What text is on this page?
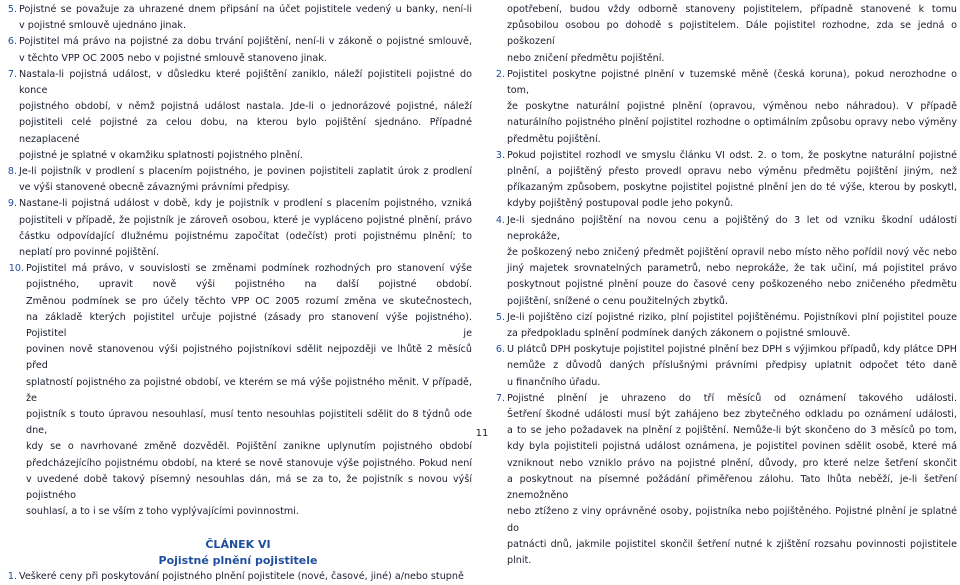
5. Pojistné se považuje za uhrazené dnem připsání na účet pojistitele vedený u banky, není-li
v pojistné smlouvě ujednáno jinak.
6. Pojistitel má právo na pojistné za dobu trvání pojištění, není-li v zákoně o pojistné smlouvě,
v těchto VPP OC 2005 nebo v pojistné smlouvě stanoveno jinak.
7. Nastala-li pojistná událost, v důsledku které pojištění zaniklo, náleží pojistiteli pojistné do konce
pojistného období, v němž pojistná událost nastala. Jde-li o jednorázové pojistné, náleží
pojistiteli celé pojistné za celou dobu, na kterou bylo pojištění sjednáno. Případné nezaplacené
pojistné je splatné v okamžiku splatnosti pojistného plnění.
8. Je-li pojistník v prodlení s placením pojistného, je povinen pojistiteli zaplatit úrok z prodlení
ve výši stanovené obecně závaznými právními předpisy.
9. Nastane-li pojistná událost v době, kdy je pojistník v prodlení s placením pojistného, vzniká
pojistiteli v případě, že pojistník je zároveň osobou, které je vypláceno pojistné plnění, právo
částku odpovídající dlužnému pojistnému započítat (odečíst) proti pojistnému plnění; to
neplatí pro povinné pojištění.
10. Pojistitel má právo, v souvislosti se změnami podmínek rozhodných pro stanovení výše
pojistného, upravit nově výši pojistného na další pojistné období.
Změnou podmínek se pro účely těchto VPP OC 2005 rozumí změna ve skutečnostech,
na základě kterých pojistitel určuje pojistné (zásady pro stanovení výše pojistného). Pojistitel je
povinen nově stanovenou výši pojistného pojistníkovi sdělit nejpozději ve lhůtě 2 měsíců před
splatností pojistného za pojistné období, ve kterém se má výše pojistného měnit. V případě, že
pojistník s touto úpravou nesouhlasí, musí tento nesouhlas pojistiteli sdělit do 8 týdnů ode dne,
kdy se o navrhované změně dozvěděl. Pojištění zanikne uplynutím pojistného období
předcházejícího pojistnému období, na které se nově stanovuje výše pojistného. Pokud není
v uvedené době takový písemný nesouhlas dán, má se za to, že pojistník s novou výší pojistného
souhlasí, a to i se vším z toho vyplývajícími povinnostmi.
ČLÁNEK VI
Pojistné plnění pojistitele
1. Veškeré ceny při poskytování pojistného plnění pojistitele (nové, časové, jiné) a/nebo stupně
opotřebení, budou vždy odborně stanoveny pojistitelem, případně stanovené k tomu
způsobilou osobou po dohodě s pojistitelem. Dále pojistitel rozhodne, zda se jedná o poškození
nebo zničení předmětu pojištění.
2. Pojistitel poskytne pojistné plnění v tuzemské měně (česká koruna), pokud nerozhodne o tom,
že poskytne naturální pojistné plnění (opravou, výměnou nebo náhradou). V případě
naturálního pojistného plnění pojistitel rozhodne o optimálním způsobu opravy nebo výměny
předmětu pojištění.
3. Pokud pojistitel rozhodl ve smyslu článku VI odst. 2. o tom, že poskytne naturální pojistné
plnění, a pojištěný přesto provedl opravu nebo výměnu předmětu pojištění jiným, než
příkazaným způsobem, poskytne pojistitel pojistné plnění jen do té výše, kterou by poskytl,
kdyby pojištěný postupoval podle jeho pokynů.
4. Je-li sjednáno pojištění na novou cenu a pojištěný do 3 let od vzniku škodní události neprokáže,
že poškozený nebo zničený předmět pojištění opravil nebo místo něho pořídil nový věc nebo
jiný majetek srovnatelných parametrů, nebo neprokáže, že tak učiní, má pojistitel právo
poskytnout pojistné plnění pouze do časové ceny poškozeného nebo zničeného předmětu
pojištění, snížené o cenu použitelných zbytků.
5. Je-li pojištěno cizí pojistné riziko, plní pojistitel pojištěnému. Pojistníkovi plní pojistitel pouze
za předpokladu splnění podmínek daných zákonem o pojistné smlouvě.
6. U plátců DPH poskytuje pojistitel pojistné plnění bez DPH s výjimkou případů, kdy plátce DPH
nemůže z důvodů daných příslušnými právními předpisy uplatnit odpočet této daně
u finančního úřadu.
7. Pojistné plnění je uhrazeno do tří měsíců od oznámení takového události.
Šetření škodné události musí být zahájeno bez zbytečného odkladu po oznámení události,
a to se jeho požadavek na plnění z pojištění. Nemůže-li být skončeno do 3 měsíců po tom,
kdy byla pojistiteli pojistná událost oznámena, je pojistitel povinen sdělit osobě, které má
vzniknout nebo vzniklo právo na pojistné plnění, důvody, pro které nelze šetření skončit
a poskytnout na písemné požádání přiměřenou zálohu. Tato lhůta neběží, je-li šetření znemožněno
nebo ztíženo z viny oprávněné osoby, pojistníka nebo pojištěného. Pojistné plnění je splatné do
patnácti dnů, jakmile pojistitel skončil šetření nutné k zjištění rozsahu povinnosti pojistitele plnit.
11
